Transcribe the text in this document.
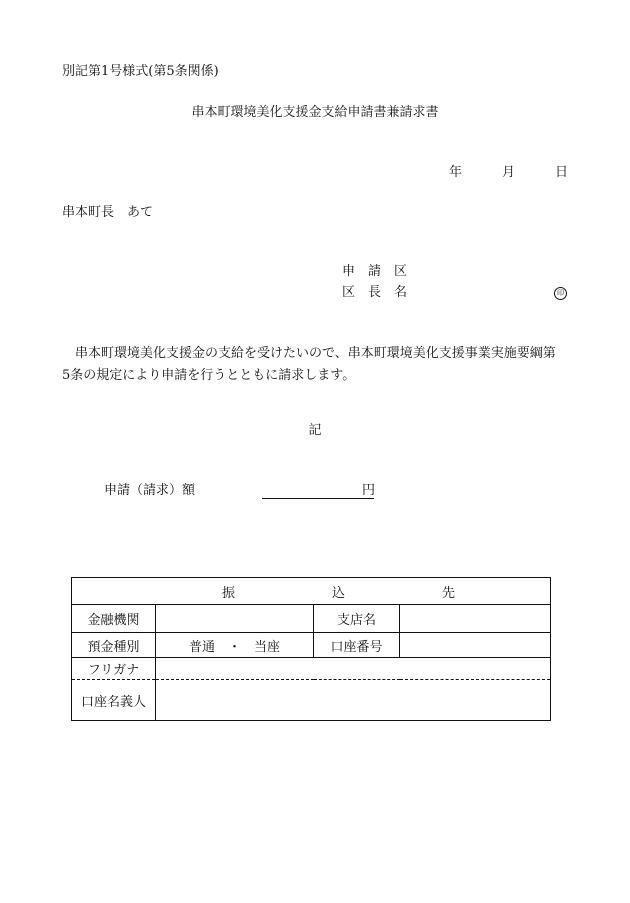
別記第1号様式(第5条関係)
串本町環境美化支援金支給申請書兼請求書
年	月	日
串本町長　あて
申　請　区
区　長　名	印
串本町環境美化支援金の支給を受けたいので、串本町環境美化支援事業実施要綱第
5条の規定により申請を行うとともに請求します。
記
申請（請求）額	円
振 込 先			

金融機関		支店名	
預金種別	普通　・　当座	口座番号	
フリガナ			
口座名義人			
